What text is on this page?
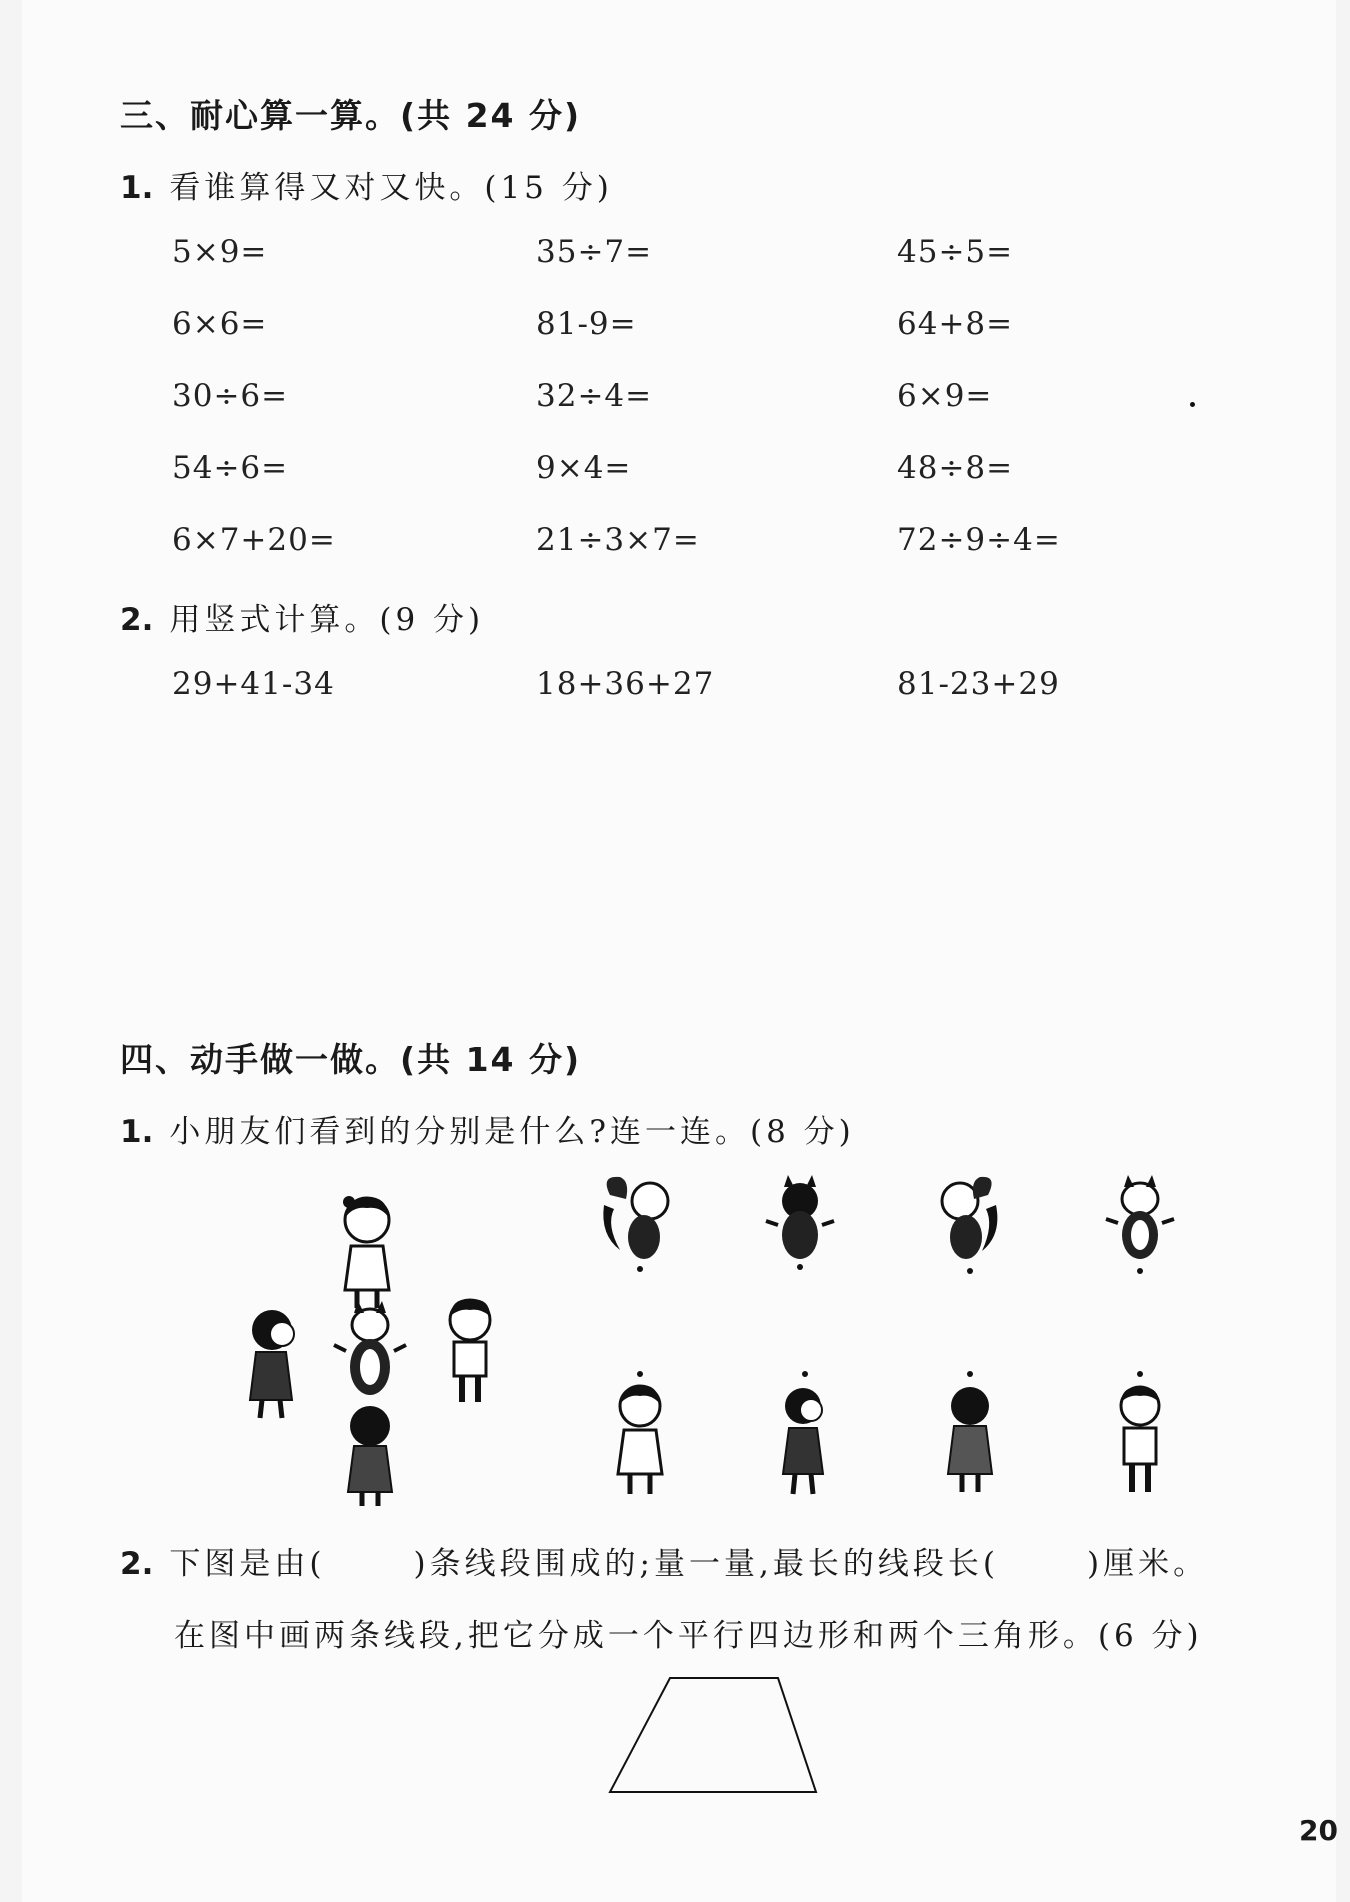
三、耐心算一算。(共 24 分)
1. 看谁算得又对又快。(15 分)
5×9=	35÷7=	45÷5=
6×6=	81-9=	64+8=
30÷6=	32÷4=	6×9=
54÷6=	9×4=	48÷8=
6×7+20=	21÷3×7=	72÷9÷4=
2. 用竖式计算。(9 分)
29+41-34	18+36+27	81-23+29
四、动手做一做。(共 14 分)
1. 小朋友们看到的分别是什么?连一连。(8 分)
2. 下图是由(	)条线段围成的;量一量,最长的线段长(	)厘米。
在图中画两条线段,把它分成一个平行四边形和两个三角形。(6 分)
20
